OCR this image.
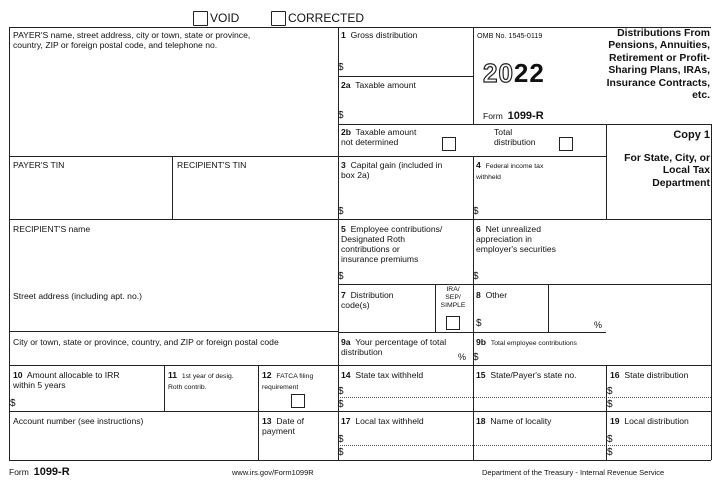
VOID	CORRECTED
PAYER'S name, street address, city or town, state or province,
country, ZIP or foreign postal code, and telephone no.
1 Gross distribution
$
OMB No. 1545-0119
2022
Form 1099-R
Distributions From Pensions, Annuities, Retirement or Profit-Sharing Plans, IRAs, Insurance Contracts, etc.
Copy 1
For State, City, or Local Tax Department
2a Taxable amount
$
2b Taxable amount
not determined
Total
distribution
PAYER'S TIN	RECIPIENT'S TIN	3 Capital gain (included in
box 2a)
$
4 Federal income tax
withheld
$
RECIPIENT'S name	5 Employee contributions/
Designated Roth
contributions or
insurance premiums
$
6 Net unrealized
appreciation in
employer's securities
$
Street address (including apt. no.)	7 Distribution
code(s)
IRA/
SEP/
SIMPLE
8 Other
$	%
City or town, state or province, country, and ZIP or foreign postal code	9a Your percentage of total
distribution	%
9b Total employee contributions
$
10 Amount allocable to IRR
within 5 years
$
11 1st year of desig.
Roth contrib.
12 FATCA filing
requirement
14 State tax withheld
$
$
15 State/Payer's state no.	16 State distribution
$
$
Account number (see instructions)	13 Date of
payment
17 Local tax withheld
$
$
18 Name of locality	19 Local distribution
$
$
Form 1099-R	www.irs.gov/Form1099R	Department of the Treasury - Internal Revenue Service
